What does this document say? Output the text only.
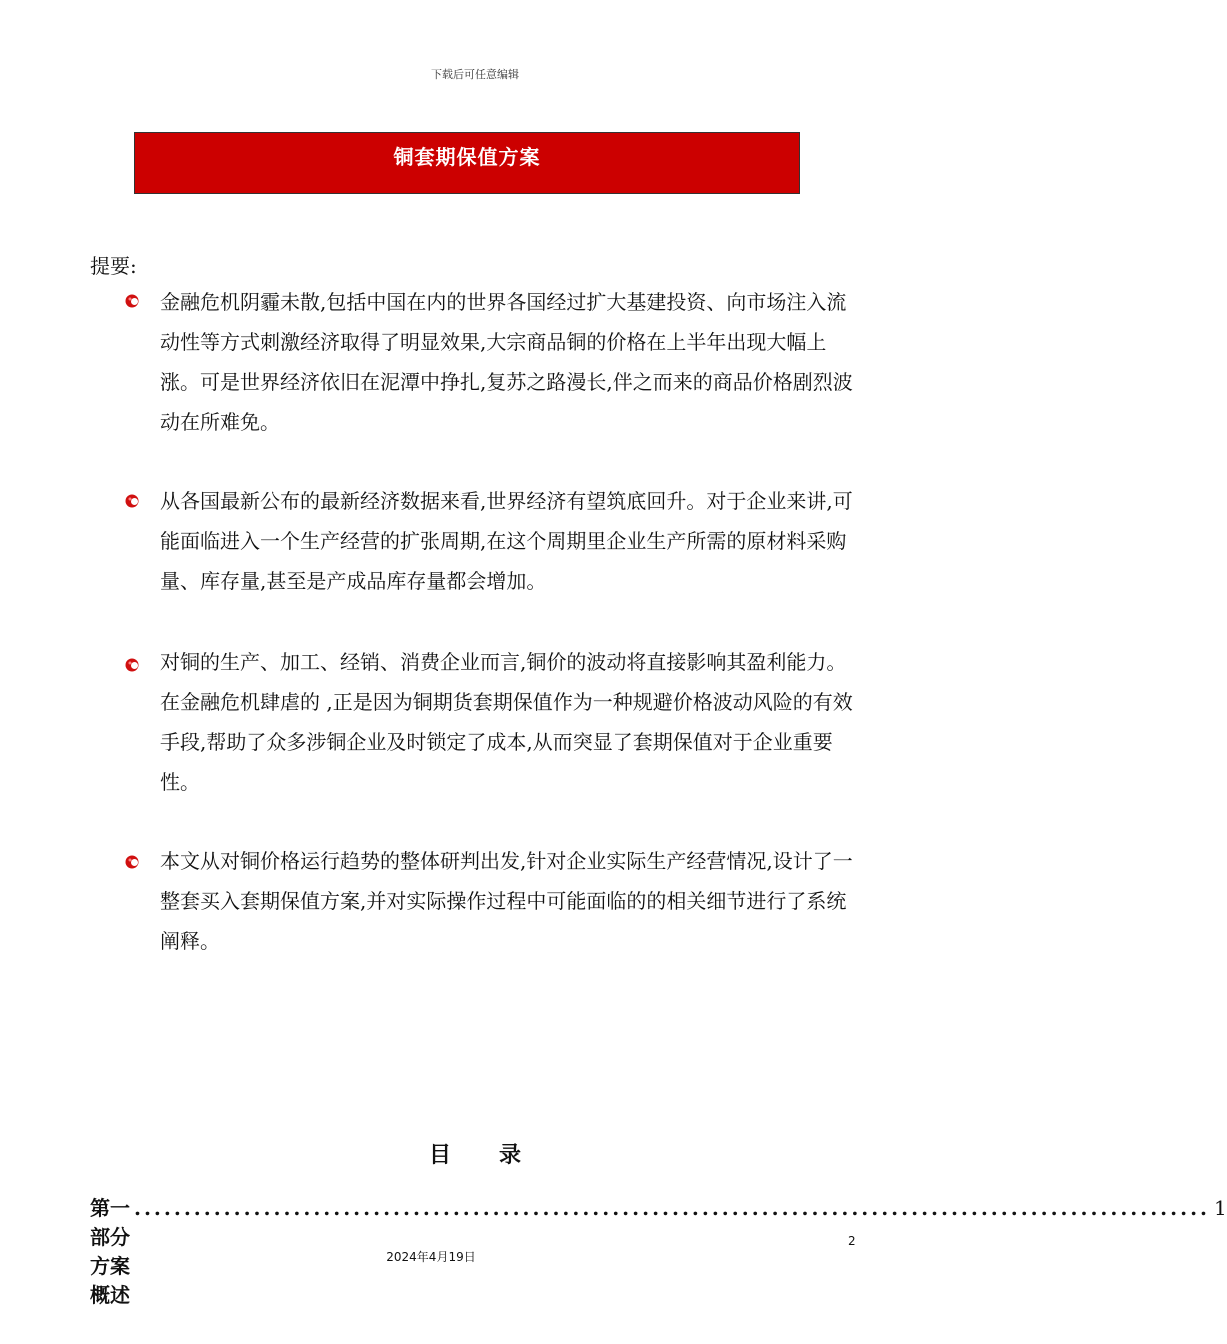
下载后可任意编辑
铜套期保值方案
提要:
金融危机阴霾未散,包括中国在内的世界各国经过扩大基建投资、向市场注入流动性等方式刺激经济取得了明显效果,大宗商品铜的价格在上半年出现大幅上涨。可是世界经济依旧在泥潭中挣扎,复苏之路漫长,伴之而来的商品价格剧烈波动在所难免。
从各国最新公布的最新经济数据来看,世界经济有望筑底回升。对于企业来讲,可能面临进入一个生产经营的扩张周期,在这个周期里企业生产所需的原材料采购量、库存量,甚至是产成品库存量都会增加。
对铜的生产、加工、经销、消费企业而言,铜价的波动将直接影响其盈利能力。在金融危机肆虐的 ,正是因为铜期货套期保值作为一种规避价格波动风险的有效手段,帮助了众多涉铜企业及时锁定了成本,从而突显了套期保值对于企业重要性。
本文从对铜价格运行趋势的整体研判出发,针对企业实际生产经营情况,设计了一整套买入套期保值方案,并对实际操作过程中可能面临的的相关细节进行了系统阐释。
目 录
第一部分　方案概述
............................................................................................................ 1
2
2024年4月19日
